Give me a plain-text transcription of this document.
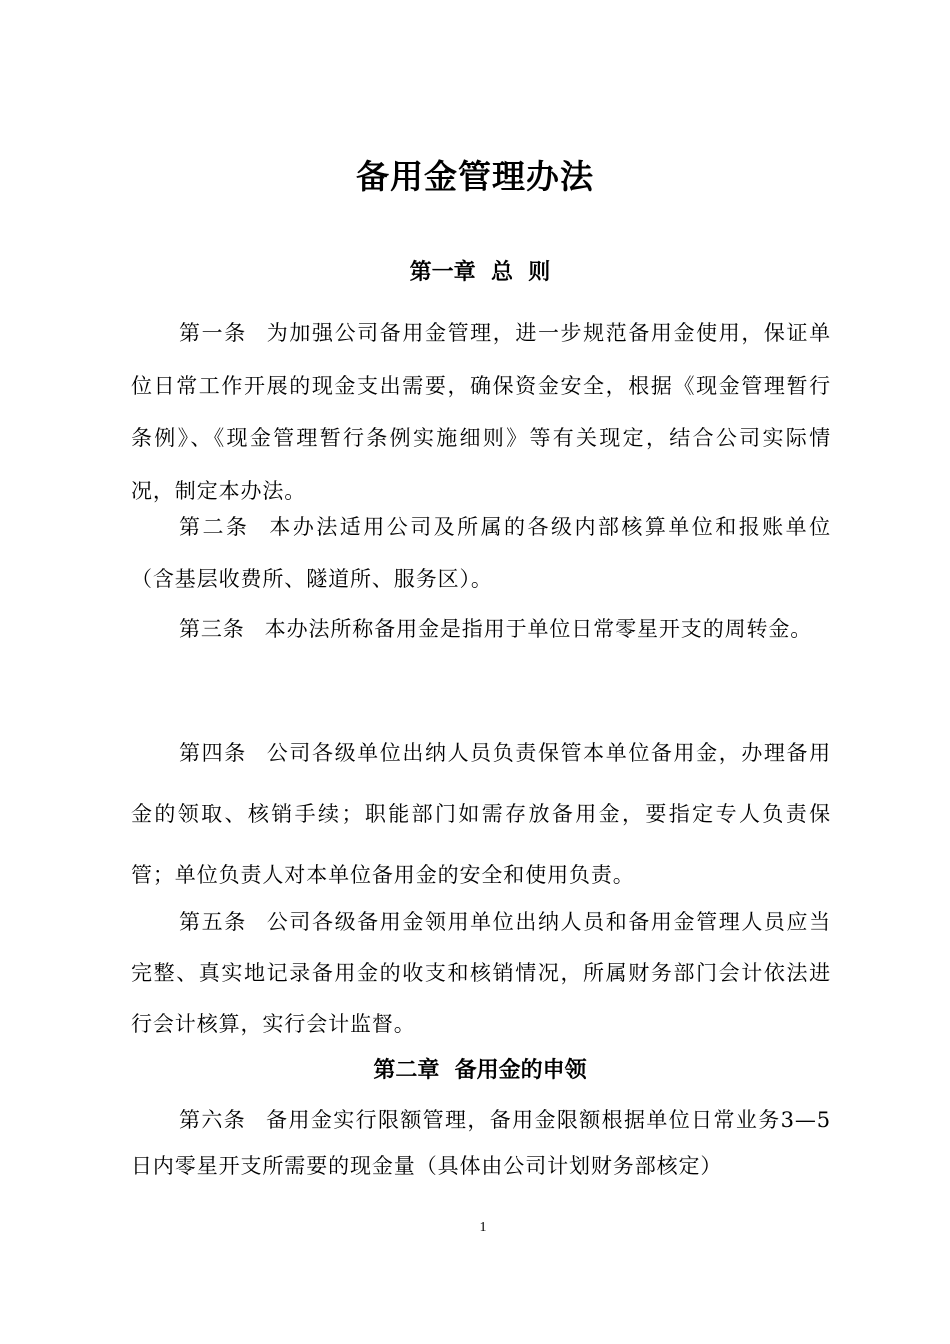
备用金管理办法
第一章  总  则

第一条 为加强公司备用金管理，进一步规范备用金使用，保证单位日常工作开展的现金支出需要，确保资金安全，根据《现金管理暂行条例》、《现金管理暂行条例实施细则》等有关现定，结合公司实际情况，制定本办法。

第二条 本办法适用公司及所属的各级内部核算单位和报账单位（含基层收费所、隧道所、服务区）。

第三条 本办法所称备用金是指用于单位日常零星开支的周转金。

第四条 公司各级单位出纳人员负责保管本单位备用金，办理备用金的领取、核销手续；职能部门如需存放备用金，要指定专人负责保管；单位负责人对本单位备用金的安全和使用负责。

第五条 公司各级备用金领用单位出纳人员和备用金管理人员应当完整、真实地记录备用金的收支和核销情况，所属财务部门会计依法进行会计核算，实行会计监督。

第二章  备用金的申领

第六条 备用金实行限额管理，备用金限额根据单位日常业务3—5日内零星开支所需要的现金量（具体由公司计划财务部核定）

1
